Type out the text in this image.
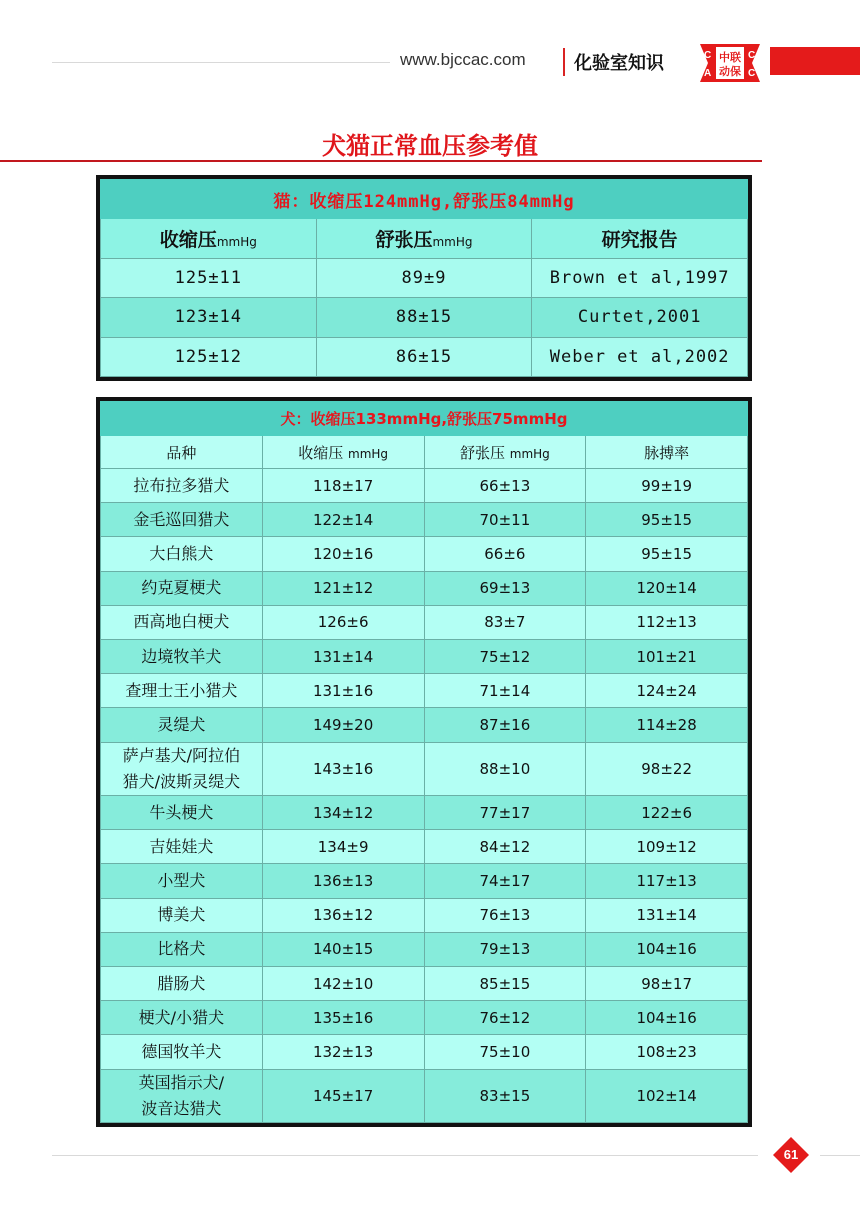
www.bjccac.com	化验室知识	C	C
A	C
中联
动保
犬猫正常血压参考值
猫：收缩压124mmHg,舒张压84mmHg		
收缩压mmHg	舒张压mmHg	研究报告
125±11	89±9	Brown et al,1997
123±14	88±15	Curtet,2001
125±12	86±15	Weber et al,2002
犬：收缩压133mmHg,舒张压75mmHg			
品种	收缩压 mmHg	舒张压 mmHg	脉搏率
拉布拉多猎犬	118±17	66±13	99±19
金毛巡回猎犬	122±14	70±11	95±15
大白熊犬	120±16	66±6	95±15
约克夏梗犬	121±12	69±13	120±14
西高地白梗犬	126±6	83±7	112±13
边境牧羊犬	131±14	75±12	101±21
查理士王小猎犬	131±16	71±14	124±24
灵缇犬	149±20	87±16	114±28
萨卢基犬/阿拉伯
猎犬/波斯灵缇犬	143±16	88±10	98±22
牛头梗犬	134±12	77±17	122±6
吉娃娃犬	134±9	84±12	109±12
小型犬	136±13	74±17	117±13
博美犬	136±12	76±13	131±14
比格犬	140±15	79±13	104±16
腊肠犬	142±10	85±15	98±17
梗犬/小猎犬	135±16	76±12	104±16
德国牧羊犬	132±13	75±10	108±23
英国指示犬/
波音达猎犬	145±17	83±15	102±14
61
